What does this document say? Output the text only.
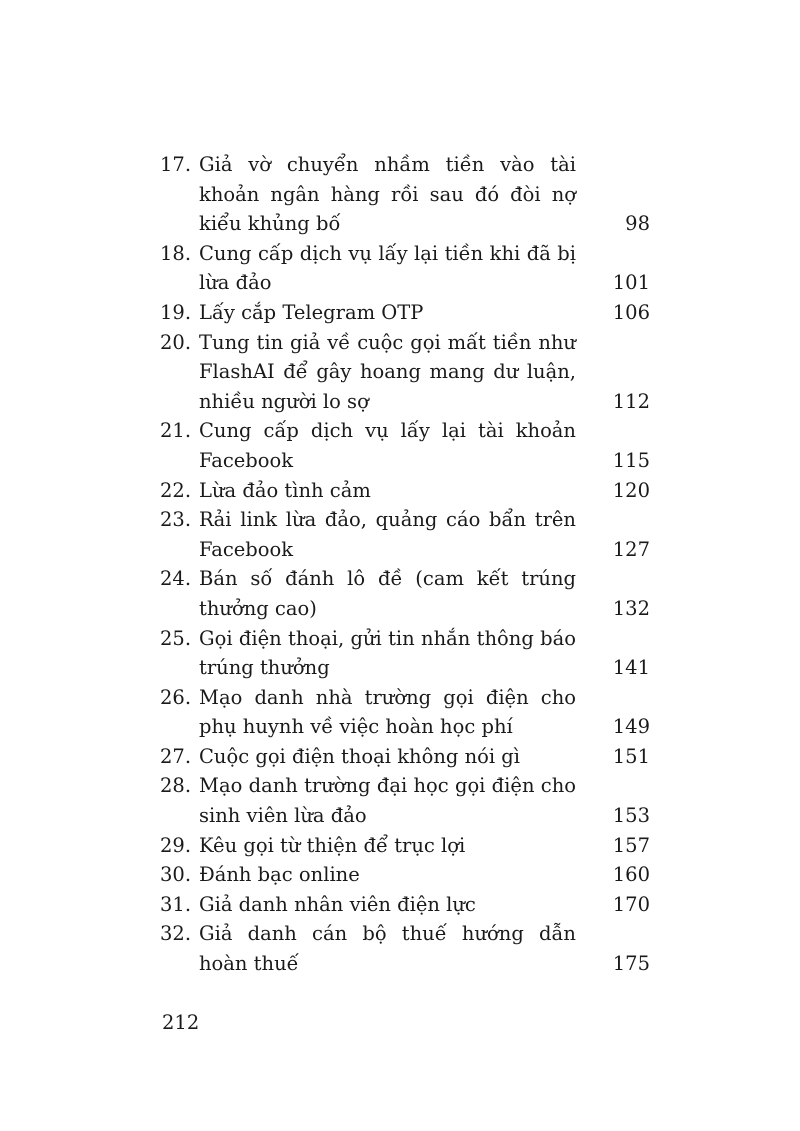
17. Giả vờ chuyển nhầm tiền vào tài khoản ngân hàng rồi sau đó đòi nợ kiểu khủng bố	98
18. Cung cấp dịch vụ lấy lại tiền khi đã bị lừa đảo	101
19. Lấy cắp Telegram OTP	106
20. Tung tin giả về cuộc gọi mất tiền như FlashAI để gây hoang mang dư luận, nhiều người lo sợ	112
21. Cung cấp dịch vụ lấy lại tài khoản Facebook	115
22. Lừa đảo tình cảm	120
23. Rải link lừa đảo, quảng cáo bẩn trên Facebook	127
24. Bán số đánh lô đề (cam kết trúng thưởng cao)	132
25. Gọi điện thoại, gửi tin nhắn thông báo trúng thưởng	141
26. Mạo danh nhà trường gọi điện cho phụ huynh về việc hoàn học phí	149
27. Cuộc gọi điện thoại không nói gì	151
28. Mạo danh trường đại học gọi điện cho sinh viên lừa đảo	153
29. Kêu gọi từ thiện để trục lợi	157
30. Đánh bạc online	160
31. Giả danh nhân viên điện lực	170
32. Giả danh cán bộ thuế hướng dẫn hoàn thuế	175
212
